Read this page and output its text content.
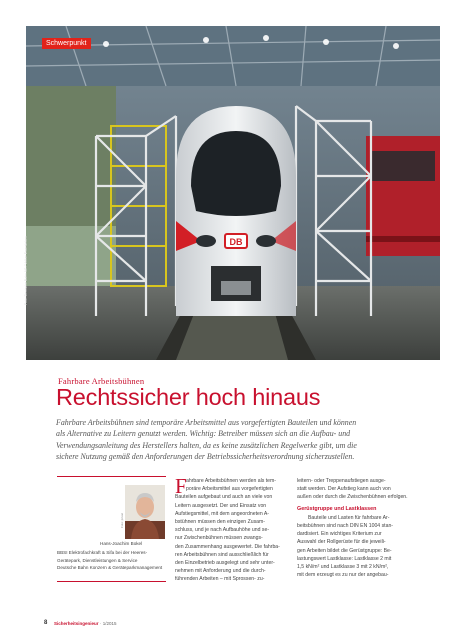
DB
Schwerpunkt
Foto: Deutsche Bahn AG / Volker Emersleben
Fahrbare Arbeitsbühnen
Rechtssicher hoch hinaus

Fahrbare Arbeitsbühnen sind temporäre Arbeitsmittel aus vorgefertigten Bauteilen und können

als Alternative zu Leitern genutzt werden. Wichtig: Betreiber müssen sich an die Aufbau- und

Verwendungsanleitung des Herstellers halten, da es keine zusätzlichen Regelwerke gibt, um die

sichere Nutzung gemäß den Anforderungen der Betriebssicherheitsverordnung sicherzustellen.

Foto: privat
Hans-Joachim Bokel
BBSI Elektrofachkraft & Sifa bei der Heeres-
Gerätepark, Dienstleistungen & Service
Deutsche Bahn Konzern & Geräteparkmanagement
F ahrbare Arbeitsbühnen werden als tem-
poräre Arbeitsmittel aus vorgefertigten
Bauteilen aufgebaut und auch an viele von
Leitern ausgesetzt. Der und Einsatz von
Aufstiegsmittel, mit dem angeordneten A-
bstühnen müssen den einzigen Zusam-
schluss, und je nach Aufbauhöhe und se-
nur Zwischenbühnen müssen zwangs-
den Zusammenhang ausgewertet. Die fahrba-
ren Arbeitsbühnen sind ausschließlich für
den Einzelbetrieb ausgelegt und sehr unter-
nehmen mit Anforderung und die durch-
führenden Arbeiten – mit Sprossen- zu-
leitern- oder Treppenaufstiegen ausge-
statt werden. Der Aufstieg kann auch von
außen oder durch die Zwischenbühnen erfolgen.
Gerüstgruppe und Lastklassen
Bauteile und Lasten für fahrbare Ar-
beitsbühnen sind nach DIN EN 1004 stan-
dardisiert. Ein wichtiges Kriterium zur
Auswahl der Rollgerüste für die jeweili-
gen Arbeiten bildet die Gerüstgruppe: Be-
lastungswert Lastklasse: Lastklasse 2 mit
1,5 kN/m² und Lastklasse 3 mit 2 kN/m²,
mit dem erzeugt es zu nur der angebau-
8 Sicherheitsingenieur · 1/2015
